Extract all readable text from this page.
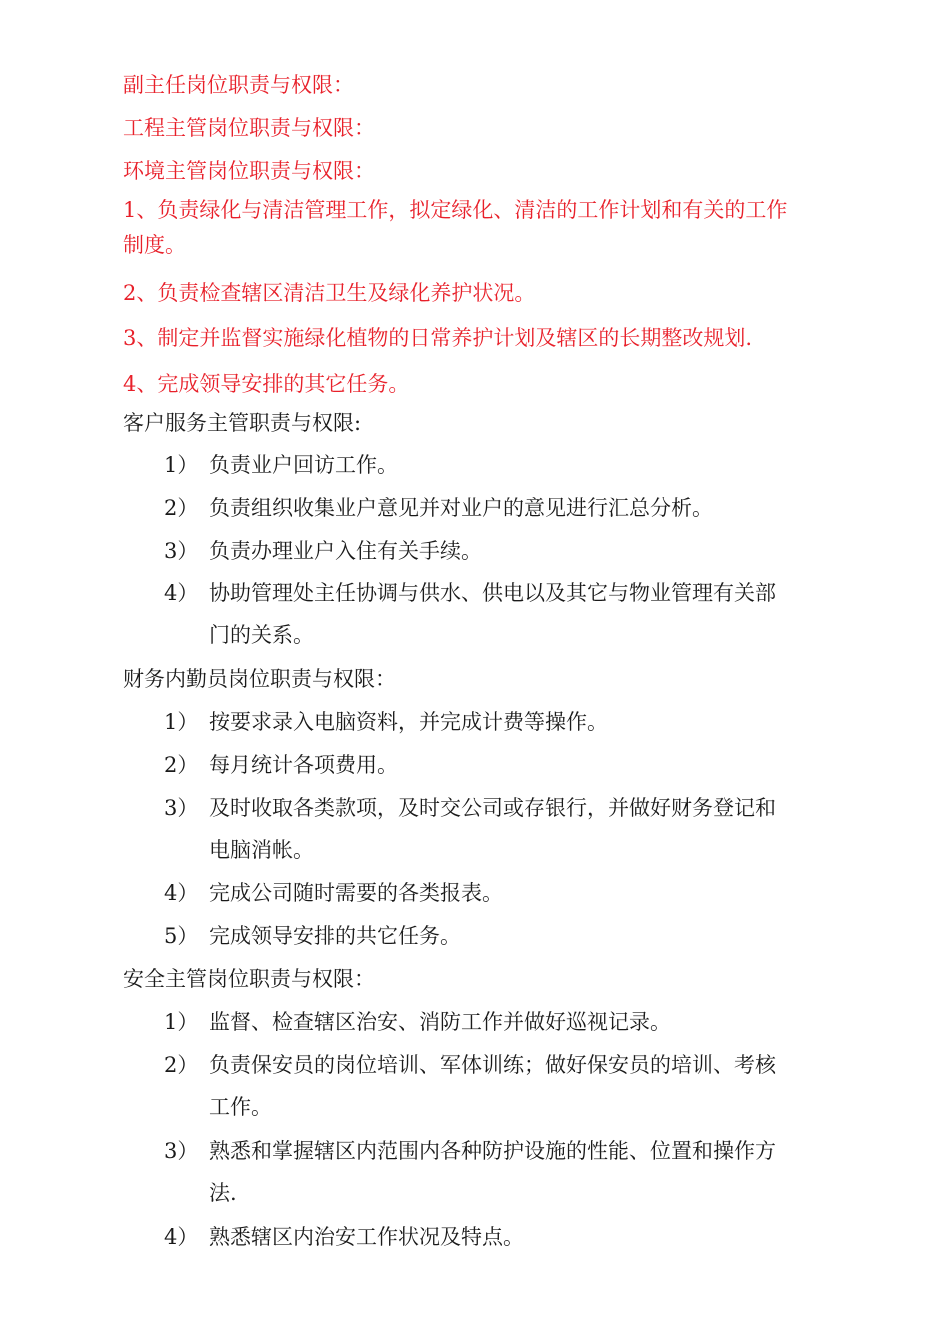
副主任岗位职责与权限：
工程主管岗位职责与权限：
环境主管岗位职责与权限：
1、负责绿化与清洁管理工作，拟定绿化、清洁的工作计划和有关的工作
制度。
2、负责检查辖区清洁卫生及绿化养护状况。
3、制定并监督实施绿化植物的日常养护计划及辖区的长期整改规划.
4、完成领导安排的其它任务。
客户服务主管职责与权限:
1） 负责业户回访工作。
2） 负责组织收集业户意见并对业户的意见进行汇总分析。
3） 负责办理业户入住有关手续。
4） 协助管理处主任协调与供水、供电以及其它与物业管理有关部
门的关系。
财务内勤员岗位职责与权限：
1） 按要求录入电脑资料，并完成计费等操作。
2） 每月统计各项费用。
3） 及时收取各类款项，及时交公司或存银行，并做好财务登记和
电脑消帐。
4） 完成公司随时需要的各类报表。
5） 完成领导安排的共它任务。
安全主管岗位职责与权限：
1） 监督、检查辖区治安、消防工作并做好巡视记录。
2） 负责保安员的岗位培训、军体训练；做好保安员的培训、考核
工作。
3） 熟悉和掌握辖区内范围内各种防护设施的性能、位置和操作方
法.
4） 熟悉辖区内治安工作状况及特点。
